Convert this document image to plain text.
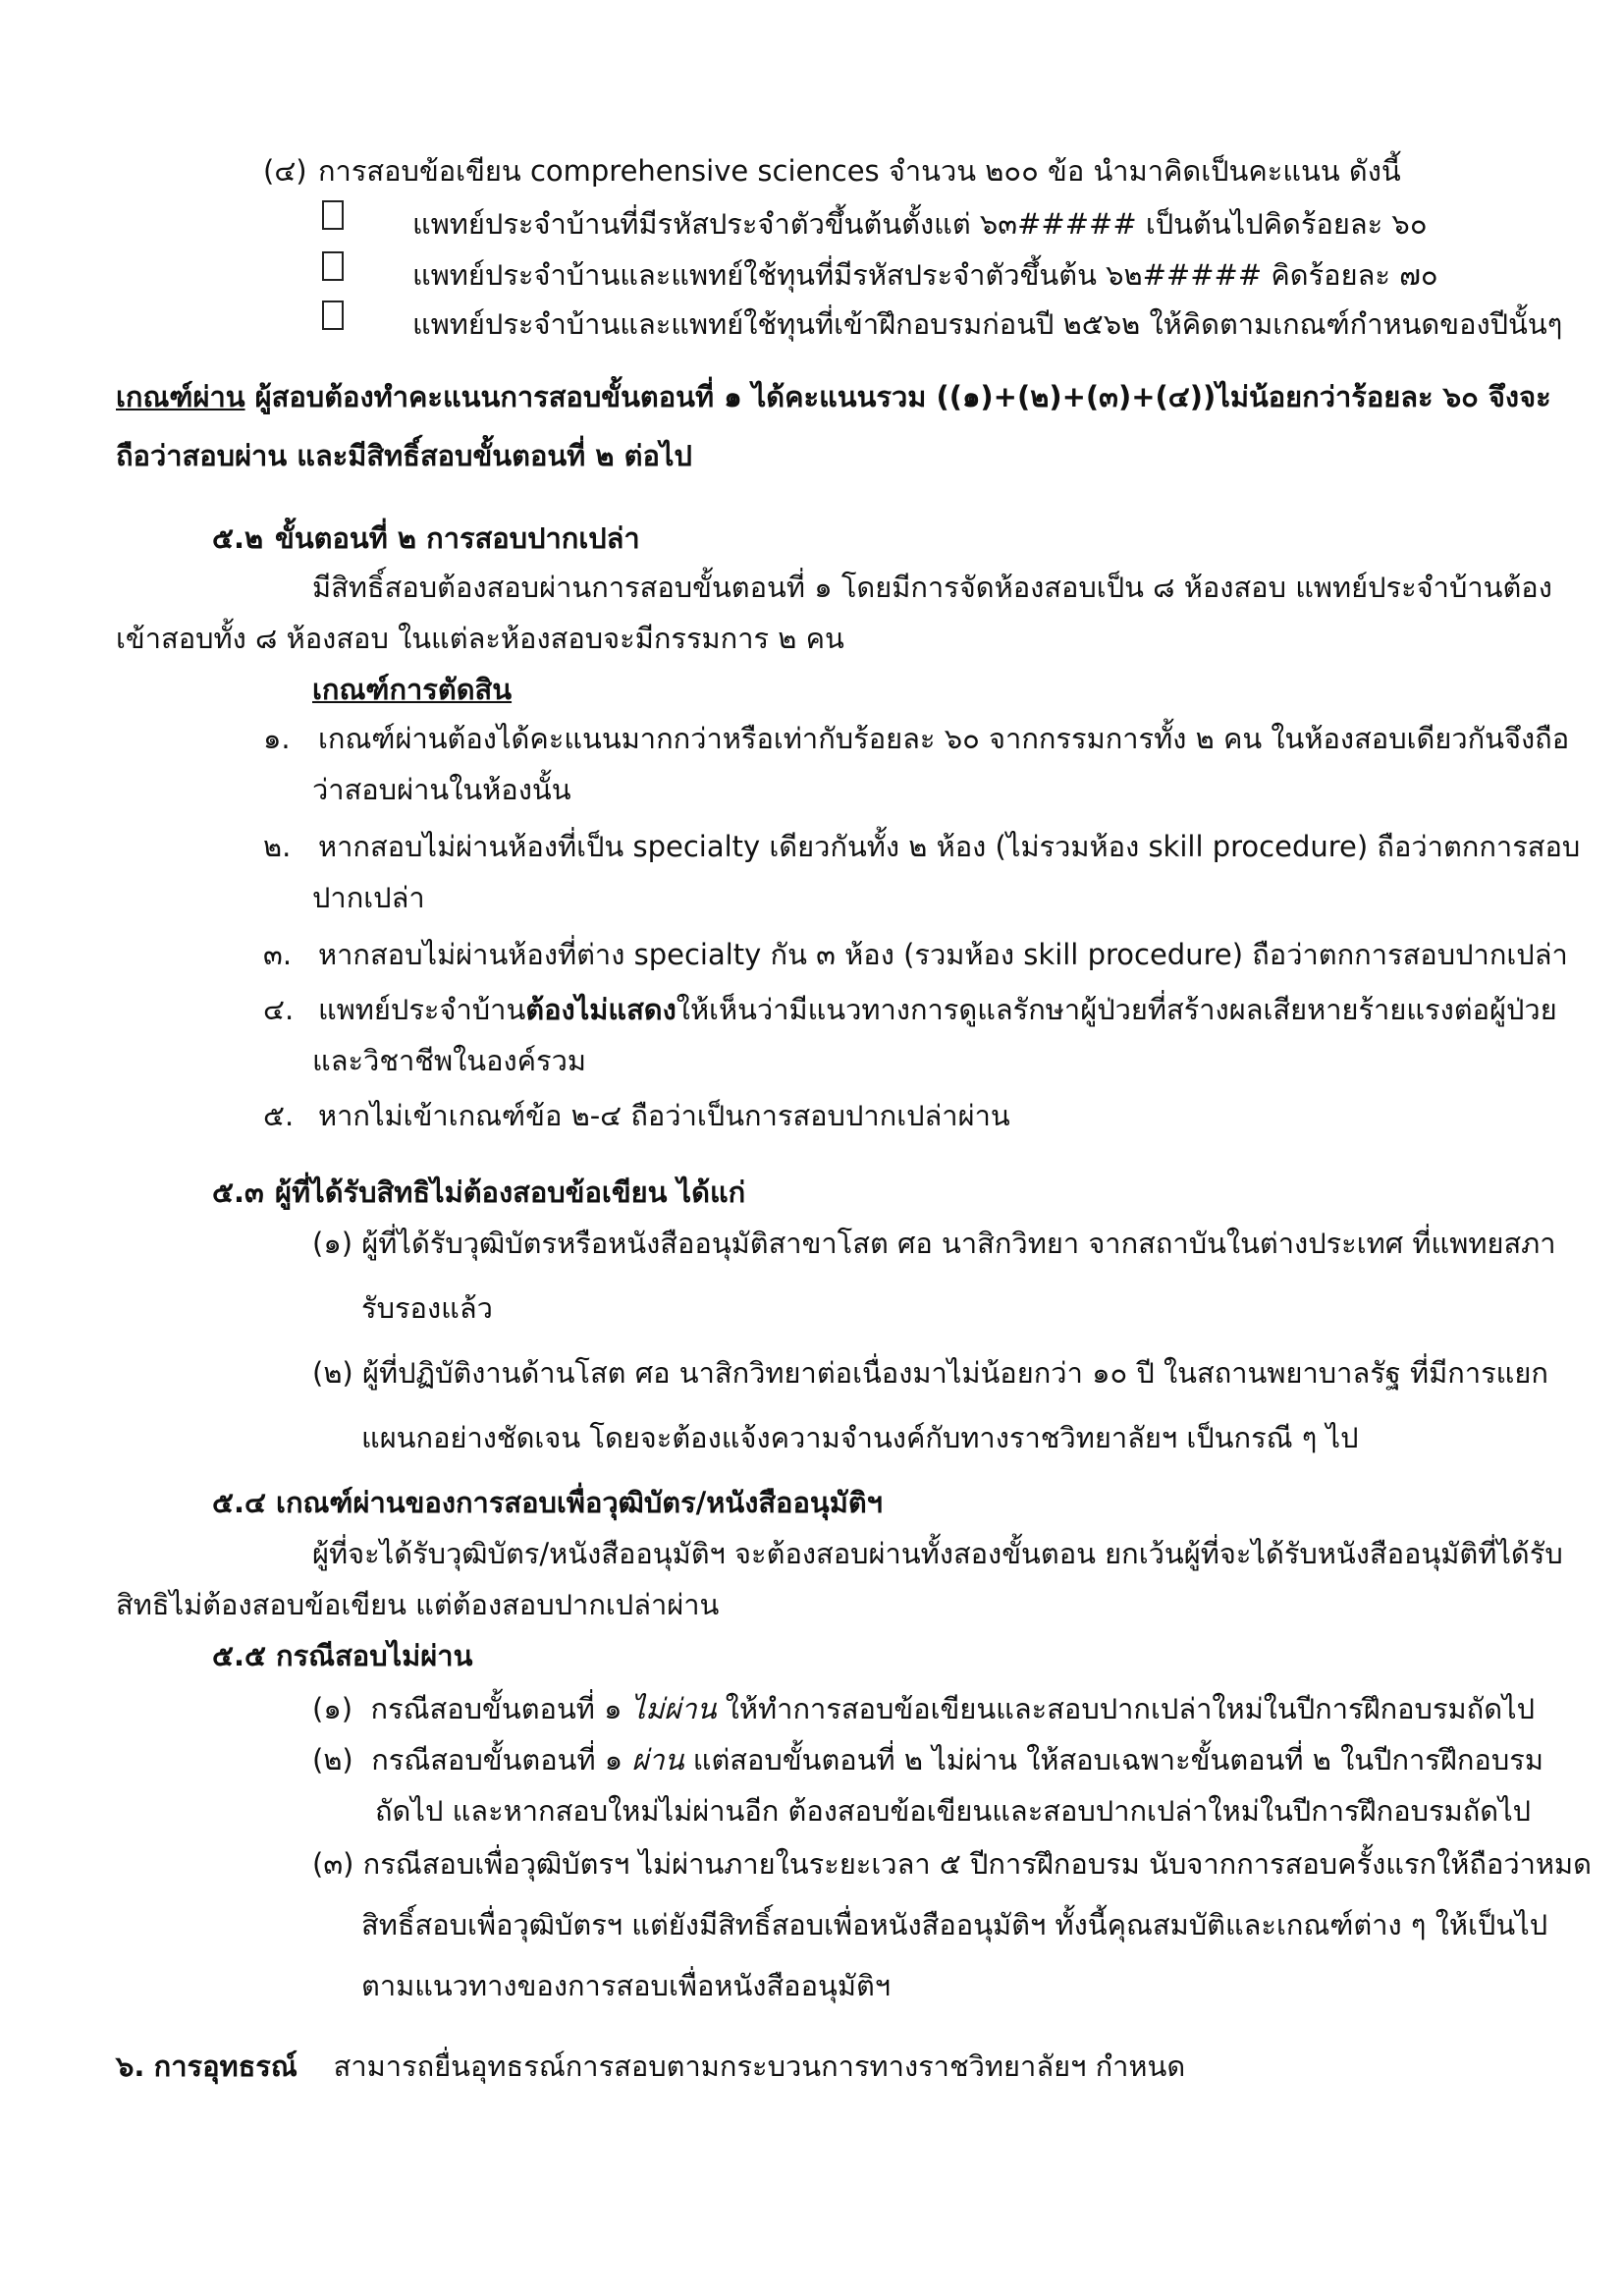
(๔) การสอบข้อเขียน comprehensive sciences จำนวน ๒๐๐ ข้อ นำมาคิดเป็นคะแนน ดังนี้
แพทย์ประจำบ้านที่มีรหัสประจำตัวขึ้นต้นตั้งแต่ ๖๓##### เป็นต้นไปคิดร้อยละ ๖๐
แพทย์ประจำบ้านและแพทย์ใช้ทุนที่มีรหัสประจำตัวขึ้นต้น ๖๒##### คิดร้อยละ ๗๐
แพทย์ประจำบ้านและแพทย์ใช้ทุนที่เข้าฝึกอบรมก่อนปี ๒๕๖๒ ให้คิดตามเกณฑ์กำหนดของปีนั้นๆ
เกณฑ์ผ่าน ผู้สอบต้องทำคะแนนการสอบขั้นตอนที่ ๑ ได้คะแนนรวม ((๑)+(๒)+(๓)+(๔))ไม่น้อยกว่าร้อยละ ๖๐ จึงจะ
ถือว่าสอบผ่าน และมีสิทธิ์สอบขั้นตอนที่ ๒ ต่อไป
๕.๒ ขั้นตอนที่ ๒ การสอบปากเปล่า
มีสิทธิ์สอบต้องสอบผ่านการสอบขั้นตอนที่ ๑ โดยมีการจัดห้องสอบเป็น ๘ ห้องสอบ แพทย์ประจำบ้านต้อง
เข้าสอบทั้ง ๘ ห้องสอบ ในแต่ละห้องสอบจะมีกรรมการ ๒ คน
เกณฑ์การตัดสิน
๑. เกณฑ์ผ่านต้องได้คะแนนมากกว่าหรือเท่ากับร้อยละ ๖๐ จากกรรมการทั้ง ๒ คน ในห้องสอบเดียวกันจึงถือ
ว่าสอบผ่านในห้องนั้น
๒. หากสอบไม่ผ่านห้องที่เป็น specialty เดียวกันทั้ง ๒ ห้อง (ไม่รวมห้อง skill procedure) ถือว่าตกการสอบ
ปากเปล่า
๓. หากสอบไม่ผ่านห้องที่ต่าง specialty กัน ๓ ห้อง (รวมห้อง skill procedure) ถือว่าตกการสอบปากเปล่า
๔. แพทย์ประจำบ้านต้องไม่แสดงให้เห็นว่ามีแนวทางการดูแลรักษาผู้ป่วยที่สร้างผลเสียหายร้ายแรงต่อผู้ป่วย
และวิชาชีพในองค์รวม
๕. หากไม่เข้าเกณฑ์ข้อ ๒-๔ ถือว่าเป็นการสอบปากเปล่าผ่าน
๕.๓ ผู้ที่ได้รับสิทธิไม่ต้องสอบข้อเขียน ได้แก่
(๑) ผู้ที่ได้รับวุฒิบัตรหรือหนังสืออนุมัติสาขาโสต ศอ นาสิกวิทยา จากสถาบันในต่างประเทศ ที่แพทยสภา
รับรองแล้ว
(๒) ผู้ที่ปฏิบัติงานด้านโสต ศอ นาสิกวิทยาต่อเนื่องมาไม่น้อยกว่า ๑๐ ปี ในสถานพยาบาลรัฐ ที่มีการแยก
แผนกอย่างชัดเจน โดยจะต้องแจ้งความจำนงค์กับทางราชวิทยาลัยฯ เป็นกรณี ๆ ไป
๕.๔ เกณฑ์ผ่านของการสอบเพื่อวุฒิบัตร/หนังสืออนุมัติฯ
ผู้ที่จะได้รับวุฒิบัตร/หนังสืออนุมัติฯ จะต้องสอบผ่านทั้งสองขั้นตอน ยกเว้นผู้ที่จะได้รับหนังสืออนุมัติที่ได้รับ
สิทธิไม่ต้องสอบข้อเขียน แต่ต้องสอบปากเปล่าผ่าน
๕.๕ กรณีสอบไม่ผ่าน
(๑) กรณีสอบขั้นตอนที่ ๑ ไม่ผ่าน ให้ทำการสอบข้อเขียนและสอบปากเปล่าใหม่ในปีการฝึกอบรมถัดไป
(๒) กรณีสอบขั้นตอนที่ ๑ ผ่าน แต่สอบขั้นตอนที่ ๒ ไม่ผ่าน ให้สอบเฉพาะขั้นตอนที่ ๒ ในปีการฝึกอบรม
ถัดไป และหากสอบใหม่ไม่ผ่านอีก ต้องสอบข้อเขียนและสอบปากเปล่าใหม่ในปีการฝึกอบรมถัดไป
(๓) กรณีสอบเพื่อวุฒิบัตรฯ ไม่ผ่านภายในระยะเวลา ๕ ปีการฝึกอบรม นับจากการสอบครั้งแรกให้ถือว่าหมด
สิทธิ์สอบเพื่อวุฒิบัตรฯ แต่ยังมีสิทธิ์สอบเพื่อหนังสืออนุมัติฯ ทั้งนี้คุณสมบัติและเกณฑ์ต่าง ๆ ให้เป็นไป
ตามแนวทางของการสอบเพื่อหนังสืออนุมัติฯ
๖. การอุทธรณ์ สามารถยื่นอุทธรณ์การสอบตามกระบวนการทางราชวิทยาลัยฯ กำหนด
